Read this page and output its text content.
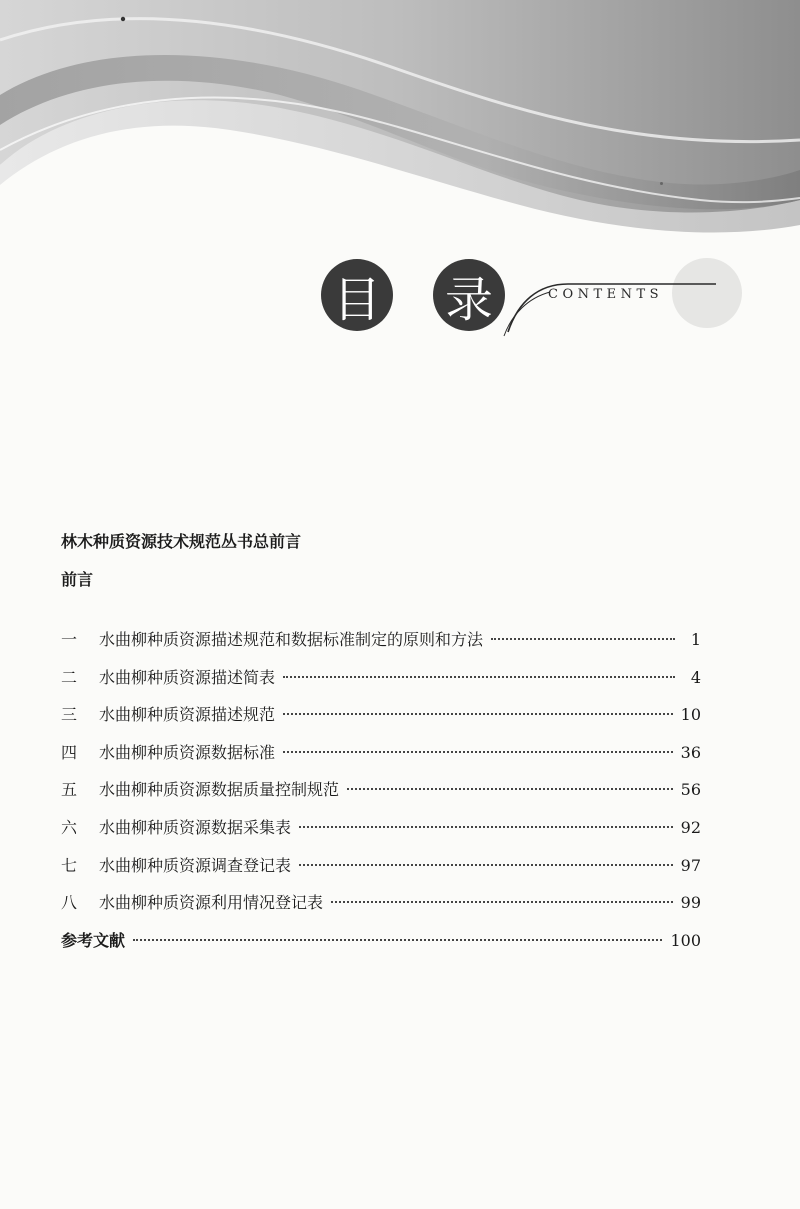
目 录	CONTENTS
林木种质资源技术规范丛书总前言
前言
一	水曲柳种质资源描述规范和数据标准制定的原则和方法	1
二	水曲柳种质资源描述简表	4
三	水曲柳种质资源描述规范	10
四	水曲柳种质资源数据标准	36
五	水曲柳种质资源数据质量控制规范	56
六	水曲柳种质资源数据采集表	92
七	水曲柳种质资源调查登记表	97
八	水曲柳种质资源利用情况登记表	99
参考文献	100
